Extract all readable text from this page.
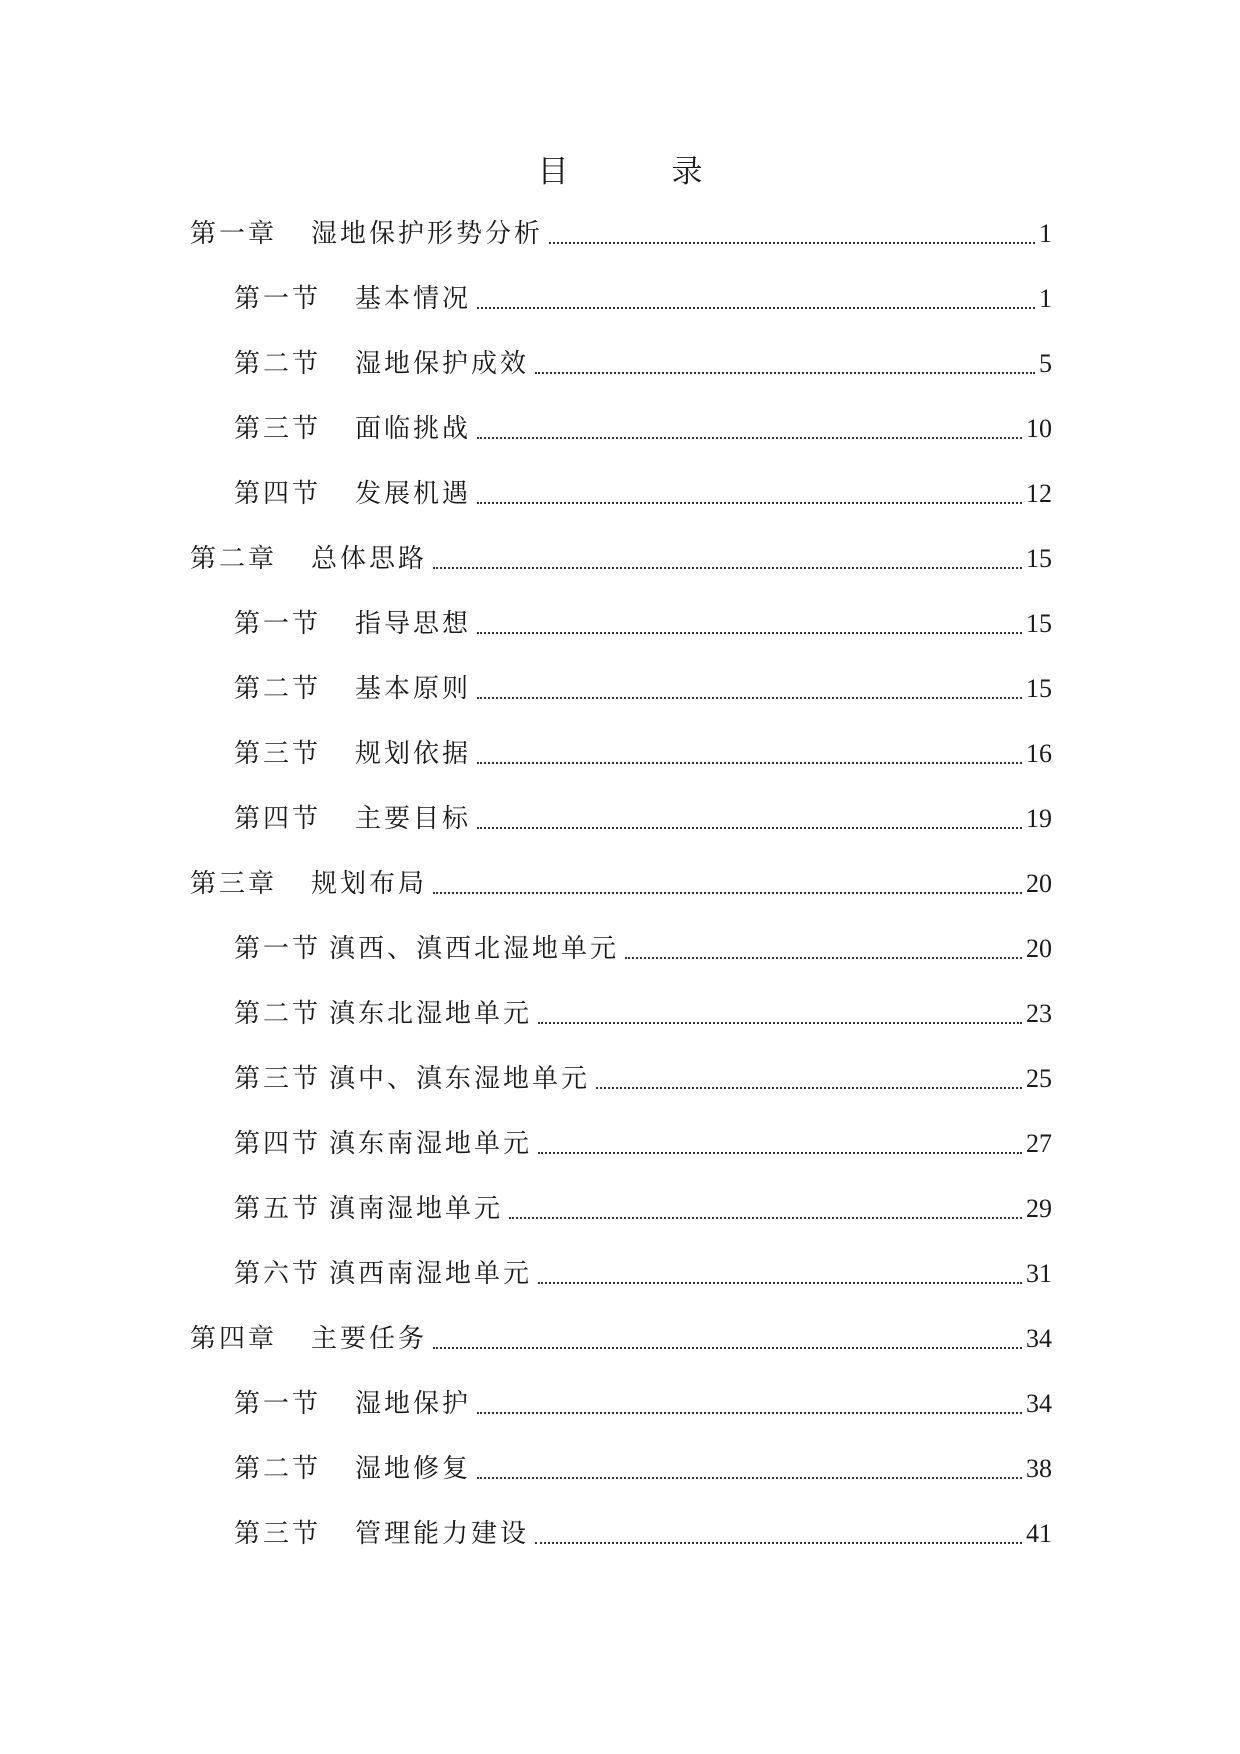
目　录
第一章 湿地保护形势分析	1
第一节 基本情况	1
第二节 湿地保护成效	5
第三节 面临挑战	10
第四节 发展机遇	12
第二章 总体思路	15
第一节 指导思想	15
第二节 基本原则	15
第三节 规划依据	16
第四节 主要目标	19
第三章 规划布局	20
第一节 滇西、滇西北湿地单元	20
第二节 滇东北湿地单元	23
第三节 滇中、滇东湿地单元	25
第四节 滇东南湿地单元	27
第五节 滇南湿地单元	29
第六节 滇西南湿地单元	31
第四章 主要任务	34
第一节 湿地保护	34
第二节 湿地修复	38
第三节 管理能力建设	41
